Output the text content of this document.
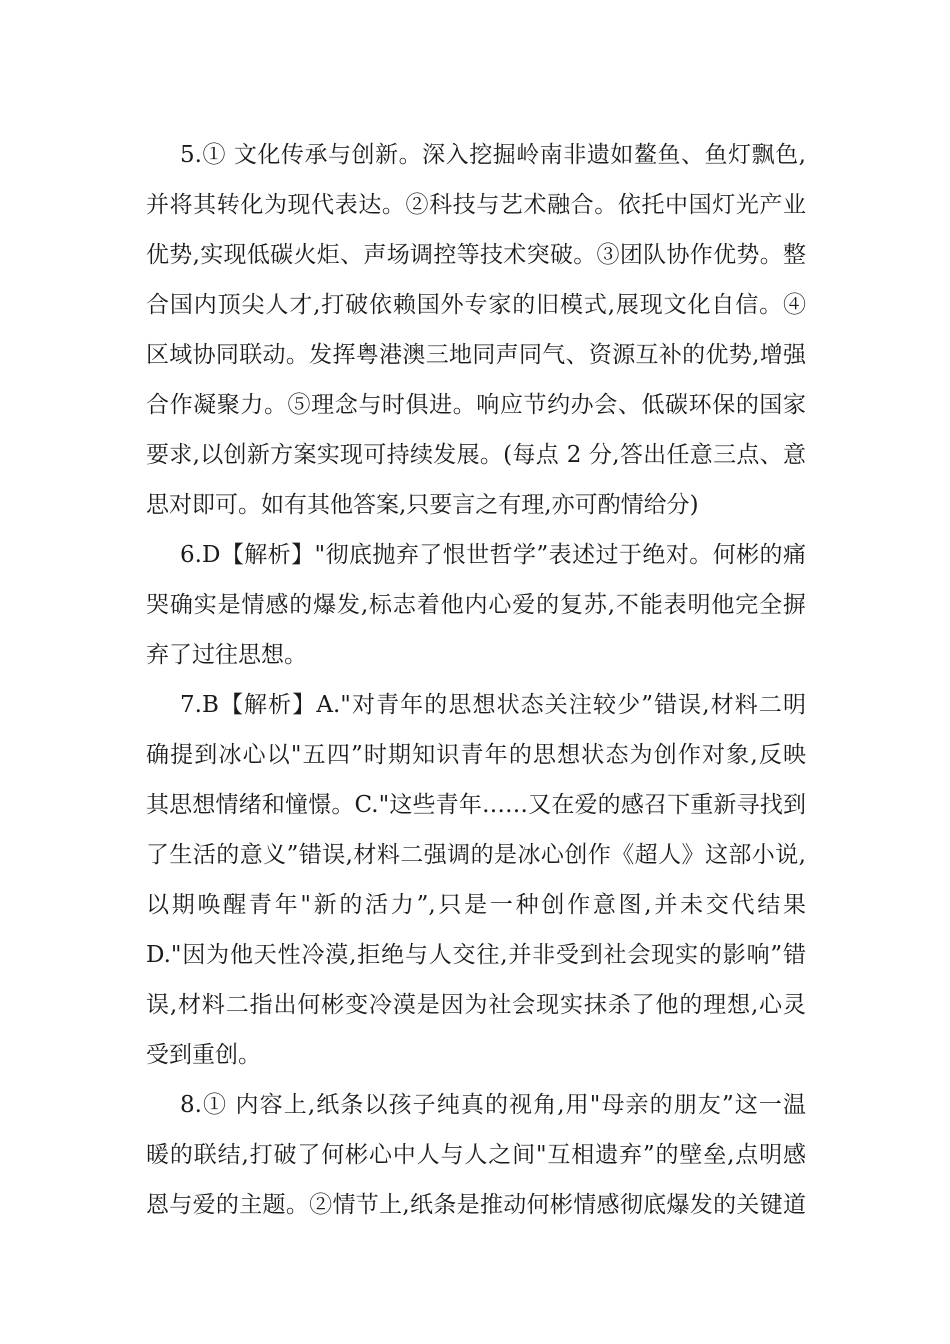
5.① 文化传承与创新。深入挖掘岭南非遗如鳌鱼、鱼灯飘色,
并将其转化为现代表达。②科技与艺术融合。依托中国灯光产业
优势,实现低碳火炬、声场调控等技术突破。③团队协作优势。整
合国内顶尖人才,打破依赖国外专家的旧模式,展现文化自信。④
区域协同联动。发挥粤港澳三地同声同气、资源互补的优势,增强
合作凝聚力。⑤理念与时俱进。响应节约办会、低碳环保的国家
要求,以创新方案实现可持续发展。(每点 2 分,答出任意三点、意
思对即可。如有其他答案,只要言之有理,亦可酌情给分)
6.D【解析】"彻底抛弃了恨世哲学”表述过于绝对。何彬的痛
哭确实是情感的爆发,标志着他内心爱的复苏,不能表明他完全摒
弃了过往思想。
7.B【解析】A."对青年的思想状态关注较少”错误,材料二明
确提到冰心以"五四”时期知识青年的思想状态为创作对象,反映
其思想情绪和憧憬。C."这些青年……又在爱的感召下重新寻找到
了生活的意义”错误,材料二强调的是冰心创作《超人》这部小说,
以期唤醒青年"新的活力”,只是一种创作意图,并未交代结果
D."因为他天性冷漠,拒绝与人交往,并非受到社会现实的影响”错
误,材料二指出何彬变冷漠是因为社会现实抹杀了他的理想,心灵
受到重创。
8.① 内容上,纸条以孩子纯真的视角,用"母亲的朋友”这一温
暖的联结,打破了何彬心中人与人之间"互相遗弃”的壁垒,点明感
恩与爱的主题。②情节上,纸条是推动何彬情感彻底爆发的关键道
